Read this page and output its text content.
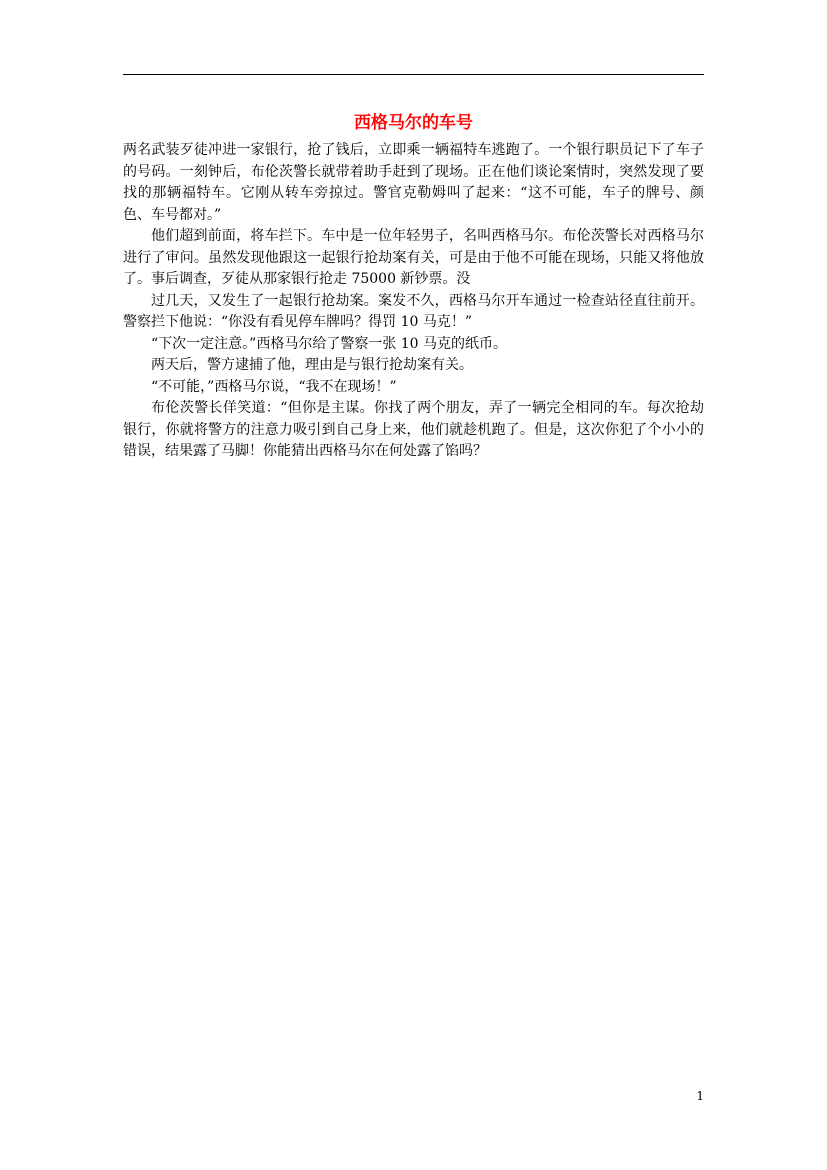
西格马尔的车号

两名武装歹徒冲进一家银行，抢了钱后，立即乘一辆福特车逃跑了。一个银行职员记下了车子的号码。一刻钟后，布伦茨警长就带着助手赶到了现场。正在他们谈论案情时，突然发现了要找的那辆福特车。它刚从转车旁掠过。警官克勒姆叫了起来：“这不可能，车子的牌号、颜色、车号都对。”

他们超到前面，将车拦下。车中是一位年轻男子，名叫西格马尔。布伦茨警长对西格马尔进行了审问。虽然发现他跟这一起银行抢劫案有关，可是由于他不可能在现场，只能又将他放了。事后调查，歹徒从那家银行抢走 75000 新钞票。没

过几天，又发生了一起银行抢劫案。案发不久，西格马尔开车通过一检查站径直往前开。警察拦下他说：“你没有看见停车牌吗？得罚 10 马克！”

“下次一定注意。”西格马尔给了警察一张 10 马克的纸币。

两天后，警方逮捕了他，理由是与银行抢劫案有关。

“不可能，”西格马尔说，“我不在现场！”

布伦茨警长佯笑道：“但你是主谋。你找了两个朋友，弄了一辆完全相同的车。每次抢劫银行，你就将警方的注意力吸引到自己身上来，他们就趁机跑了。但是，这次你犯了个小小的错误，结果露了马脚！你能猜出西格马尔在何处露了馅吗？

1
